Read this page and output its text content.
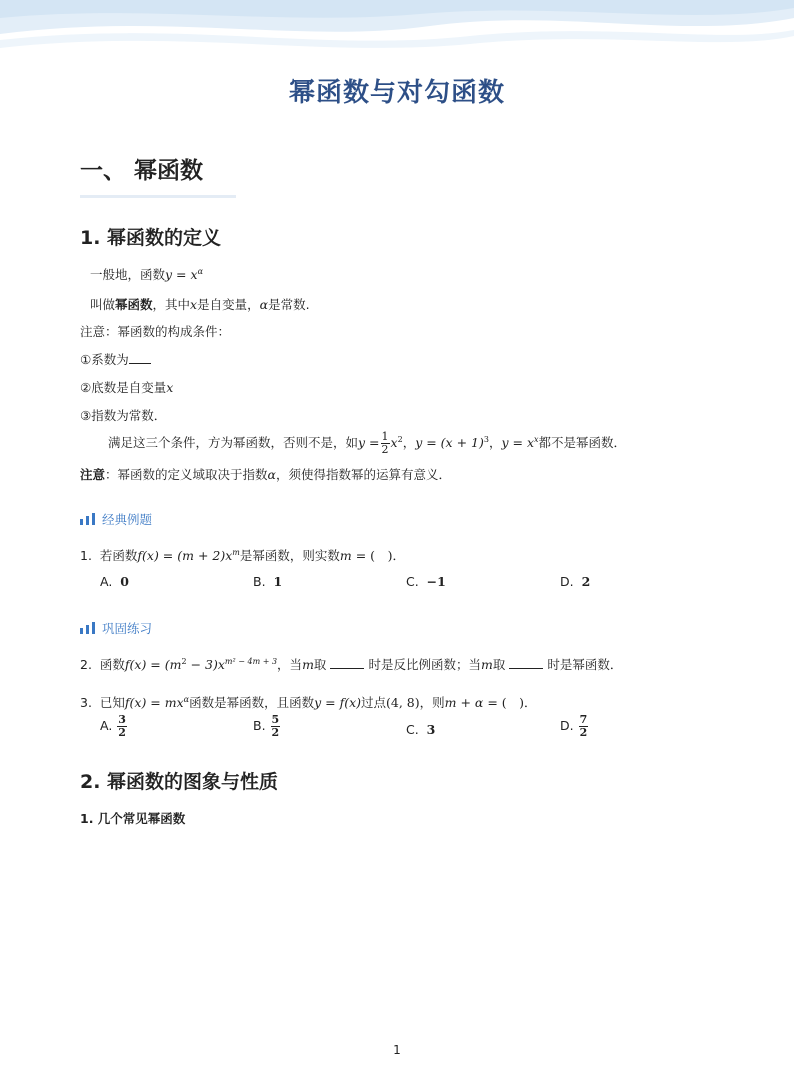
幂函数与对勾函数
一、 幂函数
1. 幂函数的定义
一般地，函数$y = x^\alpha$
叫做幂函数，其中x是自变量，α是常数.
注意：幂函数的构成条件：
①系数为
②底数是自变量x
③指数为常数．
满足这三个条件，方为幂函数，否则不是，如$y = \frac{1}{2} x^2$，$y = (x + 1)^3$，$y = x^x$都不是幂函数．
注意：幂函数的定义域取决于指数α，须使得指数幂的运算有意义．
经典例题
1. 若函数$f(x) = (m + 2)x^m$是幂函数，则实数m = (　)．
A. 0	B. 1	C. −1	D. 2
巩固练习
2. 函数$f(x) = (m^2 - 3)x^{m^2 - 4m + 3}$，当m取	时是反比例函数；当m取	时是幂函数．
3. 已知$f(x) = mx^\alpha$函数是幂函数，且函数y = f(x)过点(4, 8)，则m + α = (　)．
A. $\frac{3}{2}$	B. $\frac{5}{2}$	C. 3	D. $\frac{7}{2}$
2. 幂函数的图象与性质
1. 几个常见幂函数
1
